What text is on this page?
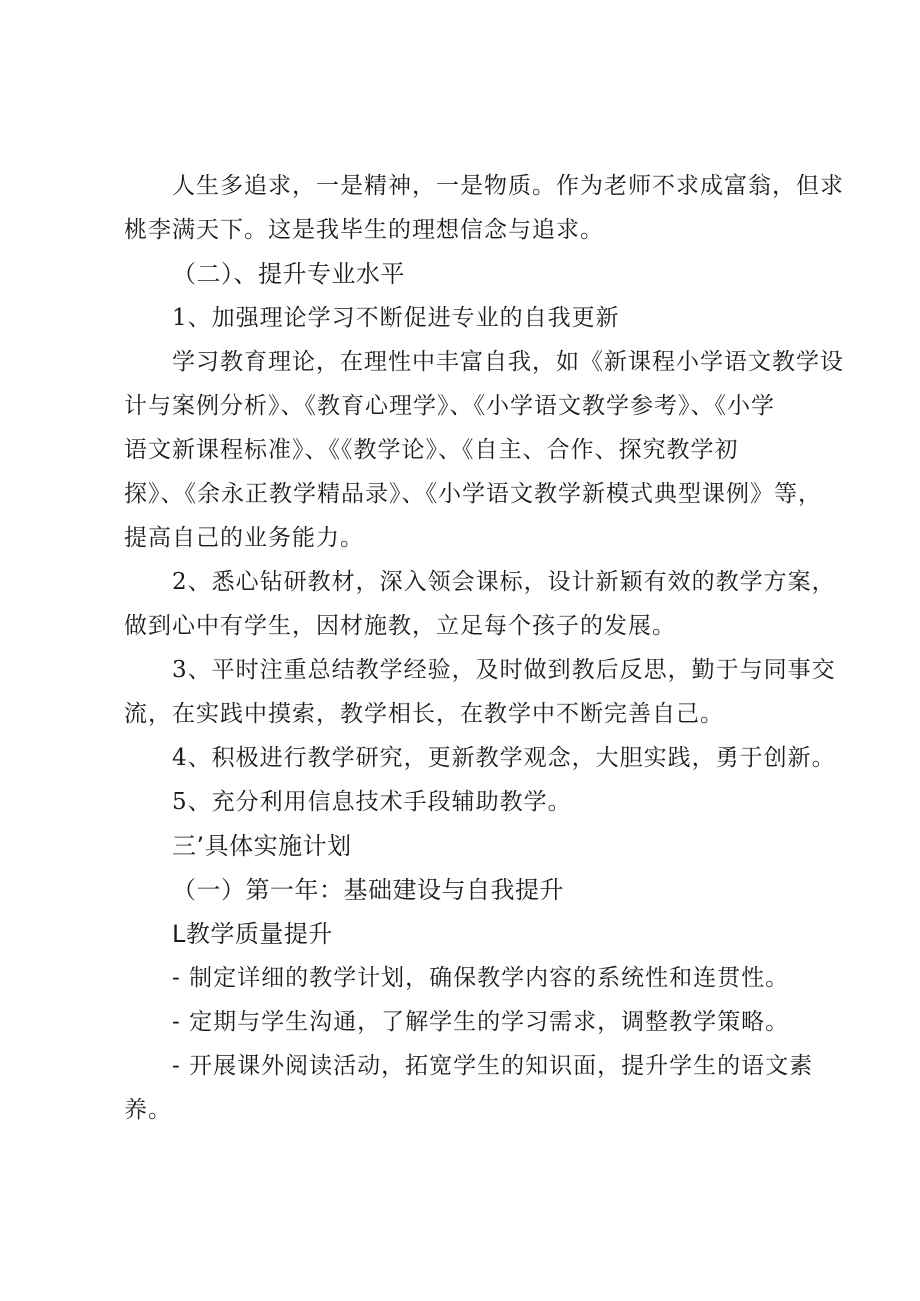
人生多追求，一是精神，一是物质。作为老师不求成富翁，但求
桃李满天下。这是我毕生的理想信念与追求。
（二）、提升专业水平
1、加强理论学习不断促进专业的自我更新
学习教育理论，在理性中丰富自我，如《新课程小学语文教学设
计与案例分析》、《教育心理学》、《小学语文教学参考》、《小学
语文新课程标准》、《《教学论》、《自主、合作、探究教学初
探》、《余永正教学精品录》、《小学语文教学新模式典型课例》等，
提高自己的业务能力。
2、悉心钻研教材，深入领会课标，设计新颖有效的教学方案，
做到心中有学生，因材施教，立足每个孩子的发展。
3、平时注重总结教学经验，及时做到教后反思，勤于与同事交
流，在实践中摸索，教学相长，在教学中不断完善自己。
4、积极进行教学研究，更新教学观念，大胆实践，勇于创新。
5、充分利用信息技术手段辅助教学。
三’具体实施计划
（一）第一年：基础建设与自我提升
L教学质量提升
- 制定详细的教学计划，确保教学内容的系统性和连贯性。
- 定期与学生沟通，了解学生的学习需求，调整教学策略。
- 开展课外阅读活动，拓宽学生的知识面，提升学生的语文素
养。
